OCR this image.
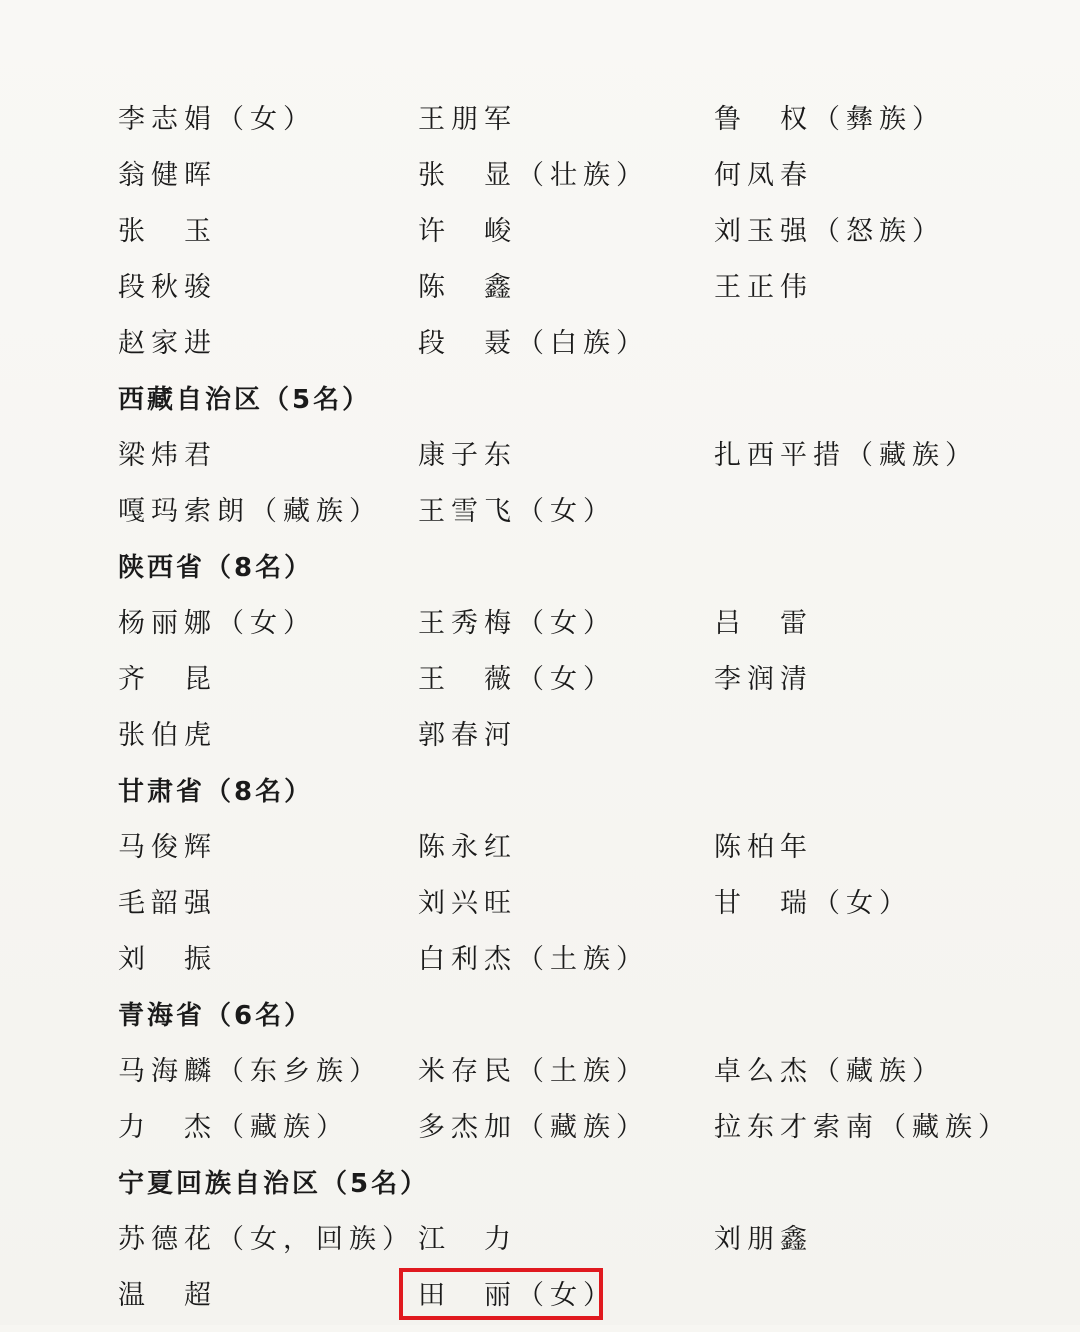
李志娟（女）	王朋军	鲁　权（彝族）
翁健晖	张　显（壮族） 何凤春
张　玉	许　峻	刘玉强（怒族）
段秋骏	陈　鑫	王正伟
赵家进	段　聂（白族）
西藏自治区（5名）
梁炜君	康子东	扎西平措（藏族）
嘎玛索朗（藏族） 王雪飞（女）
陕西省（8名）
杨丽娜（女）	王秀梅（女）	吕　雷
齐　昆	王　薇（女）	李润清
张伯虎	郭春河
甘肃省（8名）
马俊辉	陈永红	陈柏年
毛韶强	刘兴旺	甘　瑞（女）
刘　振	白利杰（土族）
青海省（6名）
马海麟（东乡族） 米存民（土族） 卓么杰（藏族）
力　杰（藏族）	多杰加（藏族） 拉东才索南（藏族）
宁夏回族自治区（5名）
苏德花（女，回族） 江　力	刘朋鑫
温　超	田　丽（女）
